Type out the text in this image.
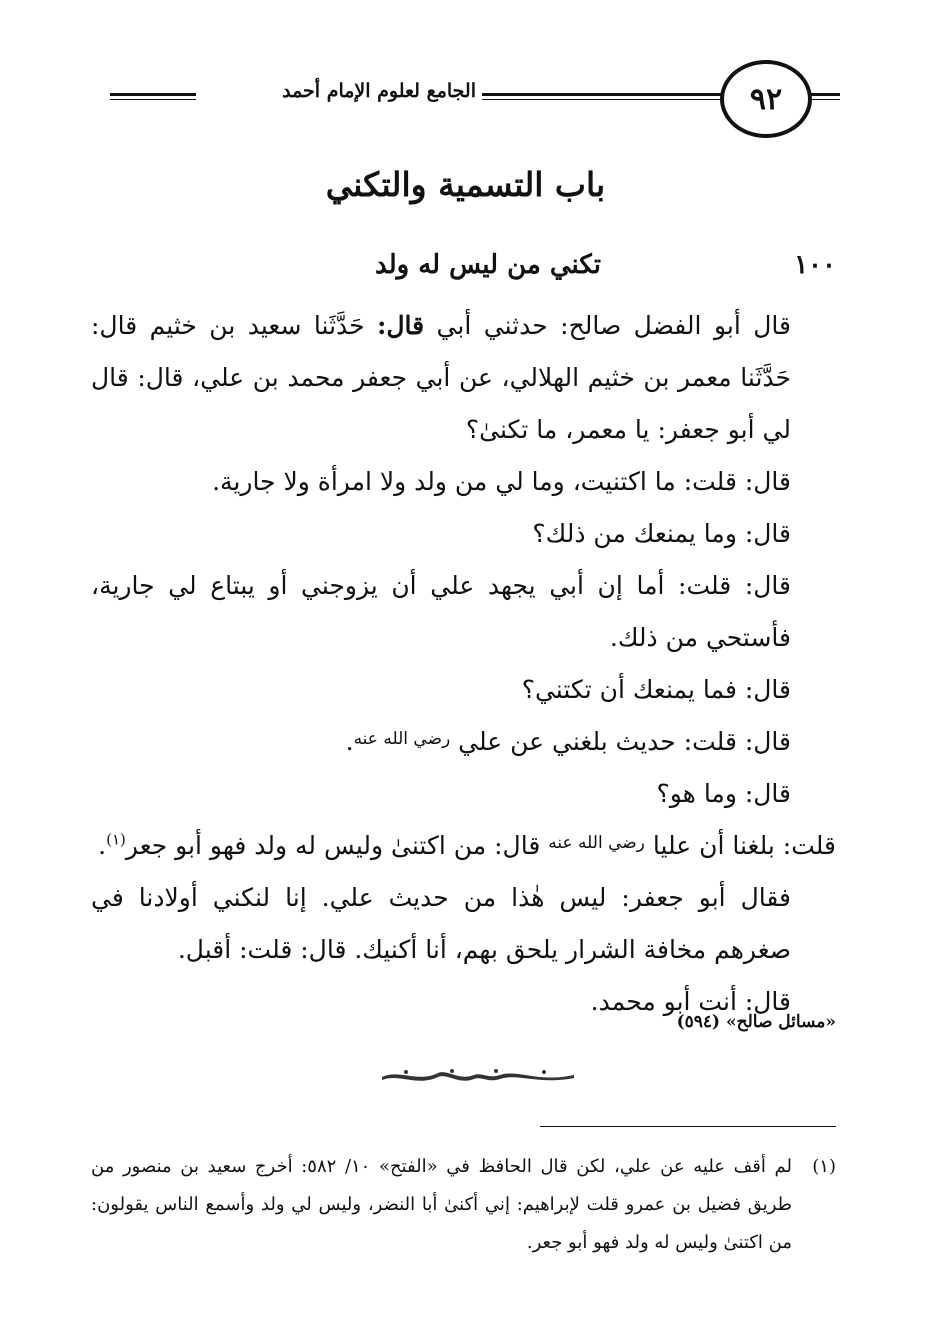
٩٢
الجامع لعلوم الإمام أحمد
باب التسمية والتكني
١٠٠
تكني من ليس له ولد

قال أبو الفضل صالح: حدثني أبي قال: حَدَّثَنا سعيد بن خثيم قال: حَدَّثَنا معمر بن خثيم الهلالي، عن أبي جعفر محمد بن علي، قال: قال لي أبو جعفر: يا معمر، ما تكنىٰ؟

قال: قلت: ما اكتنيت، وما لي من ولد ولا امرأة ولا جارية.

قال: وما يمنعك من ذلك؟

قال: قلت: أما إن أبي يجهد علي أن يزوجني أو يبتاع لي جارية، فأستحي من ذلك.

قال: فما يمنعك أن تكتني؟

قال: قلت: حديث بلغني عن علي $^{رضي الله عنه}$.

قال: وما هو؟

قلت: بلغنا أن عليا $^{رضي الله عنه}$ قال: من اكتنىٰ وليس له ولد فهو أبو جعر$^{(١)}$.

فقال أبو جعفر: ليس هٰذا من حديث علي. إنا لنكني أولادنا في صغرهم مخافة الشرار يلحق بهم، أنا أكنيك. قال: قلت: أقبل.

قال: أنت أبو محمد.

«مسائل صالح» (٥٩٤)
(١)
لم أقف عليه عن علي، لكن قال الحافظ في «الفتح» ١٠/ ٥٨٢: أخرج سعيد بن منصور من طريق فضيل بن عمرو قلت لإبراهيم: إني أكنىٰ أبا النضر، وليس لي ولد وأسمع الناس يقولون: من اكتنىٰ وليس له ولد فهو أبو جعر.
